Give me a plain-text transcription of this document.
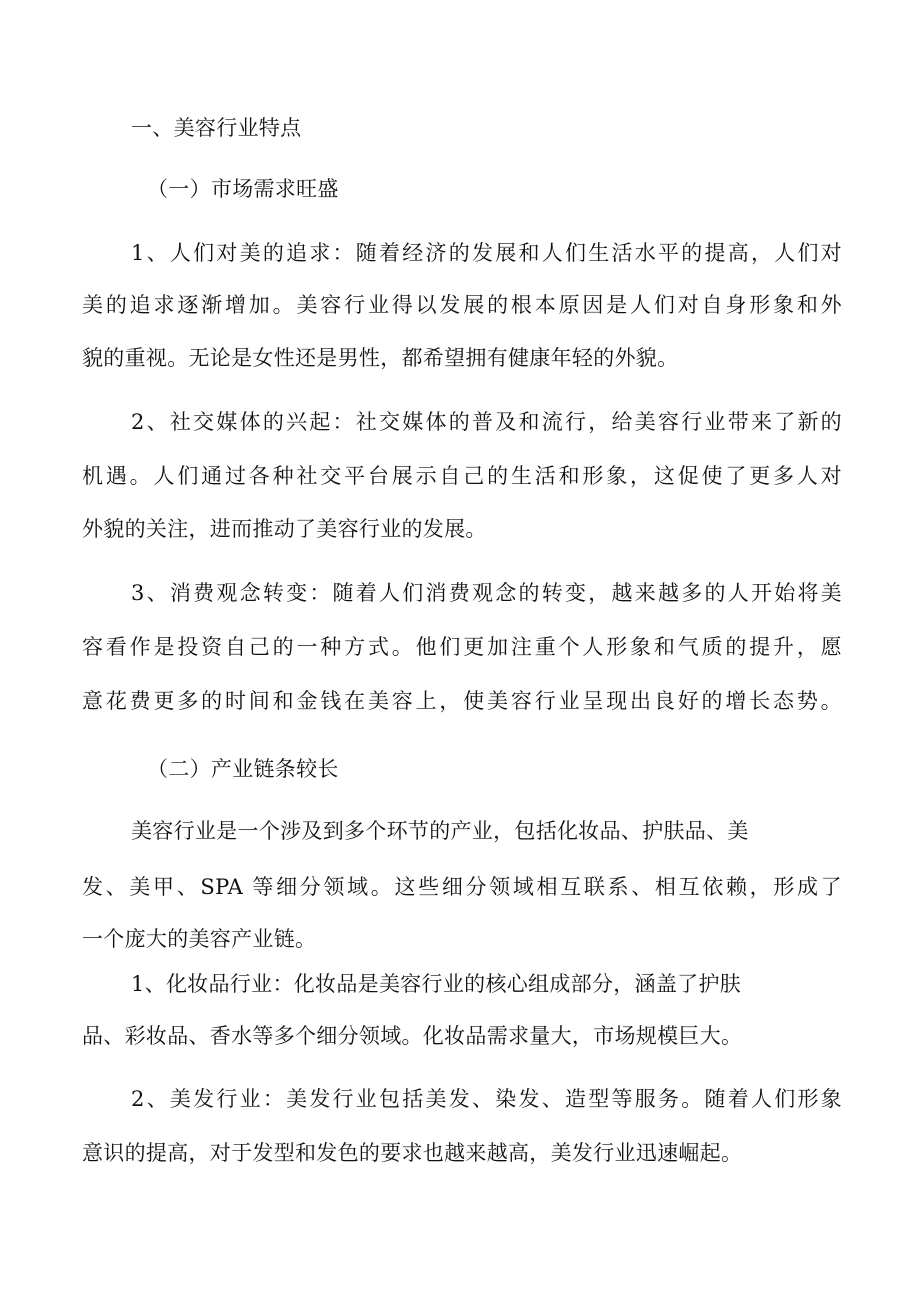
一、美容行业特点
（一）市场需求旺盛
1、人们对美的追求：随着经济的发展和人们生活水平的提高，人们对
美的追求逐渐增加。美容行业得以发展的根本原因是人们对自身形象和外
貌的重视。无论是女性还是男性，都希望拥有健康年轻的外貌。
2、社交媒体的兴起：社交媒体的普及和流行，给美容行业带来了新的
机遇。人们通过各种社交平台展示自己的生活和形象，这促使了更多人对
外貌的关注，进而推动了美容行业的发展。
3、消费观念转变：随着人们消费观念的转变，越来越多的人开始将美
容看作是投资自己的一种方式。他们更加注重个人形象和气质的提升，愿
意花费更多的时间和金钱在美容上，使美容行业呈现出良好的增长态势。
（二）产业链条较长
美容行业是一个涉及到多个环节的产业，包括化妆品、护肤品、美
发、美甲、SPA 等细分领域。这些细分领域相互联系、相互依赖，形成了
一个庞大的美容产业链。
1、化妆品行业：化妆品是美容行业的核心组成部分，涵盖了护肤
品、彩妆品、香水等多个细分领域。化妆品需求量大，市场规模巨大。
2、美发行业：美发行业包括美发、染发、造型等服务。随着人们形象
意识的提高，对于发型和发色的要求也越来越高，美发行业迅速崛起。
